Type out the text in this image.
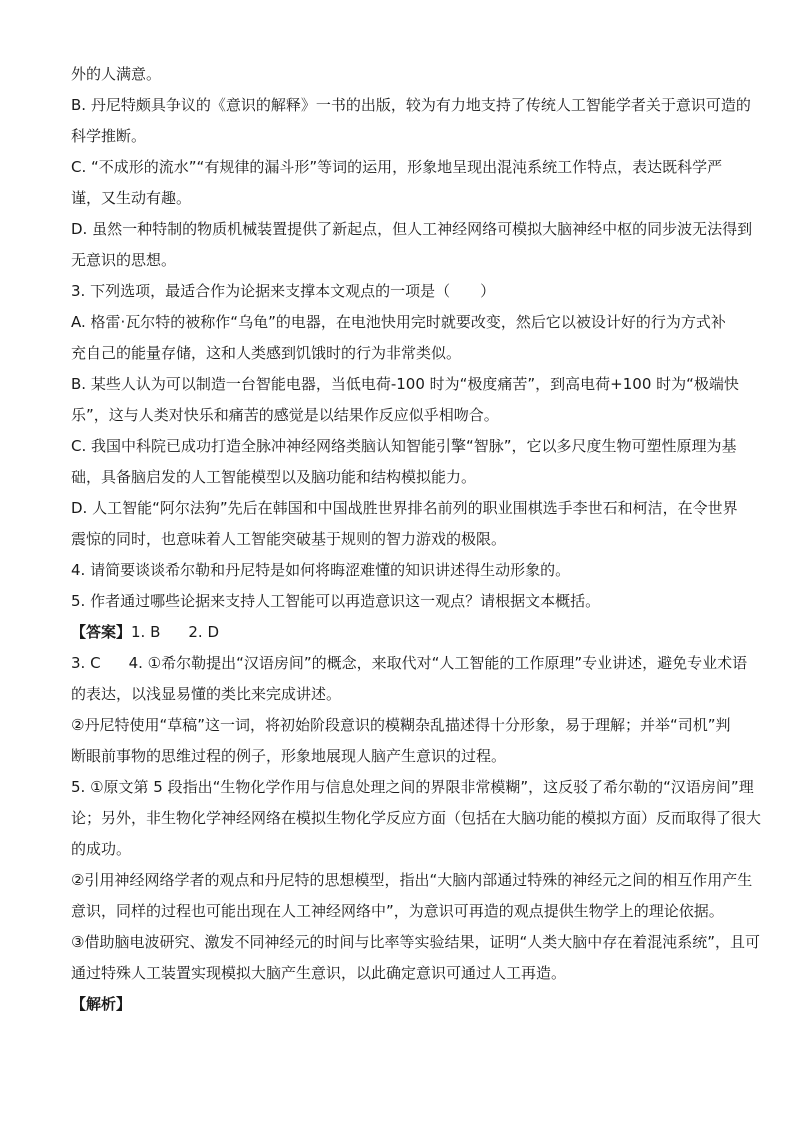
外的人满意。
B. 丹尼特颇具争议的《意识的解释》一书的出版，较为有力地支持了传统人工智能学者关于意识可造的
科学推断。
C. “不成形的流水”“有规律的漏斗形”等词的运用，形象地呈现出混沌系统工作特点，表达既科学严
谨，又生动有趣。
D. 虽然一种特制的物质机械装置提供了新起点，但人工神经网络可模拟大脑神经中枢的同步波无法得到
无意识的思想。
3. 下列选项，最适合作为论据来支撑本文观点的一项是（　　）
A. 格雷·瓦尔特的被称作“乌龟”的电器，在电池快用完时就要改变，然后它以被设计好的行为方式补
充自己的能量存储，这和人类感到饥饿时的行为非常类似。
B. 某些人认为可以制造一台智能电器，当低电荷-100 时为“极度痛苦”，到高电荷+100 时为“极端快
乐”，这与人类对快乐和痛苦的感觉是以结果作反应似乎相吻合。
C. 我国中科院已成功打造全脉冲神经网络类脑认知智能引擎“智脉”，它以多尺度生物可塑性原理为基
础，具备脑启发的人工智能模型以及脑功能和结构模拟能力。
D. 人工智能“阿尔法狗”先后在韩国和中国战胜世界排名前列的职业围棋选手李世石和柯洁，在令世界
震惊的同时，也意味着人工智能突破基于规则的智力游戏的极限。
4. 请简要谈谈希尔勒和丹尼特是如何将晦涩难懂的知识讲述得生动形象的。
5. 作者通过哪些论据来支持人工智能可以再造意识这一观点？请根据文本概括。
【答案】1. B 2. D
3. C 4. ①希尔勒提出“汉语房间”的概念，来取代对“人工智能的工作原理”专业讲述，避免专业术语
的表达，以浅显易懂的类比来完成讲述。
②丹尼特使用“草稿”这一词，将初始阶段意识的模糊杂乱描述得十分形象，易于理解；并举“司机”判
断眼前事物的思维过程的例子，形象地展现人脑产生意识的过程。
5. ①原文第 5 段指出“生物化学作用与信息处理之间的界限非常模糊”，这反驳了希尔勒的“汉语房间”理
论；另外，非生物化学神经网络在模拟生物化学反应方面（包括在大脑功能的模拟方面）反而取得了很大
的成功。
②引用神经网络学者的观点和丹尼特的思想模型，指出“大脑内部通过特殊的神经元之间的相互作用产生
意识，同样的过程也可能出现在人工神经网络中”，为意识可再造的观点提供生物学上的理论依据。
③借助脑电波研究、激发不同神经元的时间与比率等实验结果，证明“人类大脑中存在着混沌系统”，且可
通过特殊人工装置实现模拟大脑产生意识，以此确定意识可通过人工再造。
【解析】
